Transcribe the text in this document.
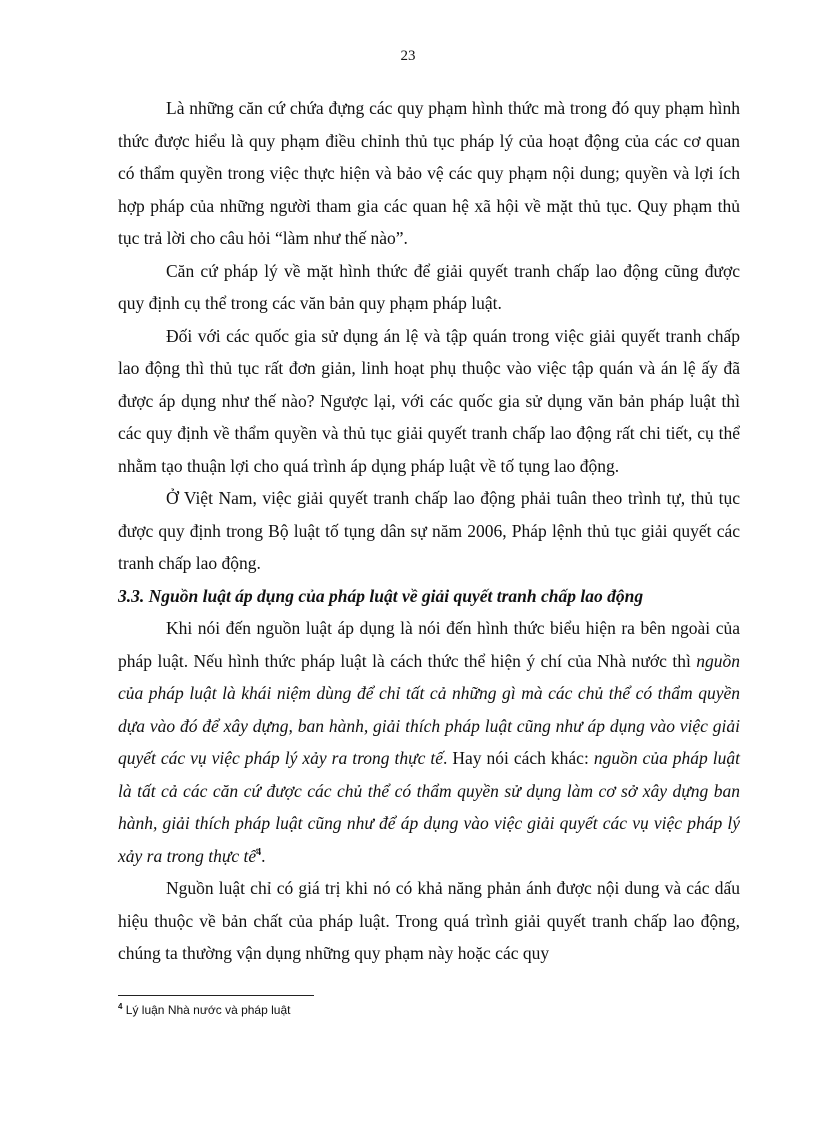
23

Là những căn cứ chứa đựng các quy phạm hình thức mà trong đó quy phạm hình thức được hiểu là quy phạm điều chỉnh thủ tục pháp lý của hoạt động của các cơ quan có thẩm quyền trong việc thực hiện và bảo vệ các quy phạm nội dung; quyền và lợi ích hợp pháp của những người tham gia các quan hệ xã hội về mặt thủ tục. Quy phạm thủ tục trả lời cho câu hỏi “làm như thế nào”.

Căn cứ pháp lý về mặt hình thức để giải quyết tranh chấp lao động cũng được quy định cụ thể trong các văn bản quy phạm pháp luật.

Đối với các quốc gia sử dụng án lệ và tập quán trong việc giải quyết tranh chấp lao động thì thủ tục rất đơn giản, linh hoạt phụ thuộc vào việc tập quán và án lệ ấy đã được áp dụng như thế nào? Ngược lại, với các quốc gia sử dụng văn bản pháp luật thì các quy định về thẩm quyền và thủ tục giải quyết tranh chấp lao động rất chi tiết, cụ thể nhằm tạo thuận lợi cho quá trình áp dụng pháp luật về tố tụng lao động.

Ở Việt Nam, việc giải quyết tranh chấp lao động phải tuân theo trình tự, thủ tục được quy định trong Bộ luật tố tụng dân sự năm 2006, Pháp lệnh thủ tục giải quyết các tranh chấp lao động.

3.3. Nguồn luật áp dụng của pháp luật về giải quyết tranh chấp lao động

Khi nói đến nguồn luật áp dụng là nói đến hình thức biểu hiện ra bên ngoài của pháp luật. Nếu hình thức pháp luật là cách thức thể hiện ý chí của Nhà nước thì nguồn của pháp luật là khái niệm dùng để chỉ tất cả những gì mà các chủ thể có thẩm quyền dựa vào đó để xây dựng, ban hành, giải thích pháp luật cũng như áp dụng vào việc giải quyết các vụ việc pháp lý xảy ra trong thực tế. Hay nói cách khác: nguồn của pháp luật là tất cả các căn cứ được các chủ thể có thẩm quyền sử dụng làm cơ sở xây dựng ban hành, giải thích pháp luật cũng như để áp dụng vào việc giải quyết các vụ việc pháp lý xảy ra trong thực tế$^4$.

Nguồn luật chỉ có giá trị khi nó có khả năng phản ánh được nội dung và các dấu hiệu thuộc về bản chất của pháp luật. Trong quá trình giải quyết tranh chấp lao động, chúng ta thường vận dụng những quy phạm này hoặc các quy

$^4$ Lý luận Nhà nước và pháp luật
